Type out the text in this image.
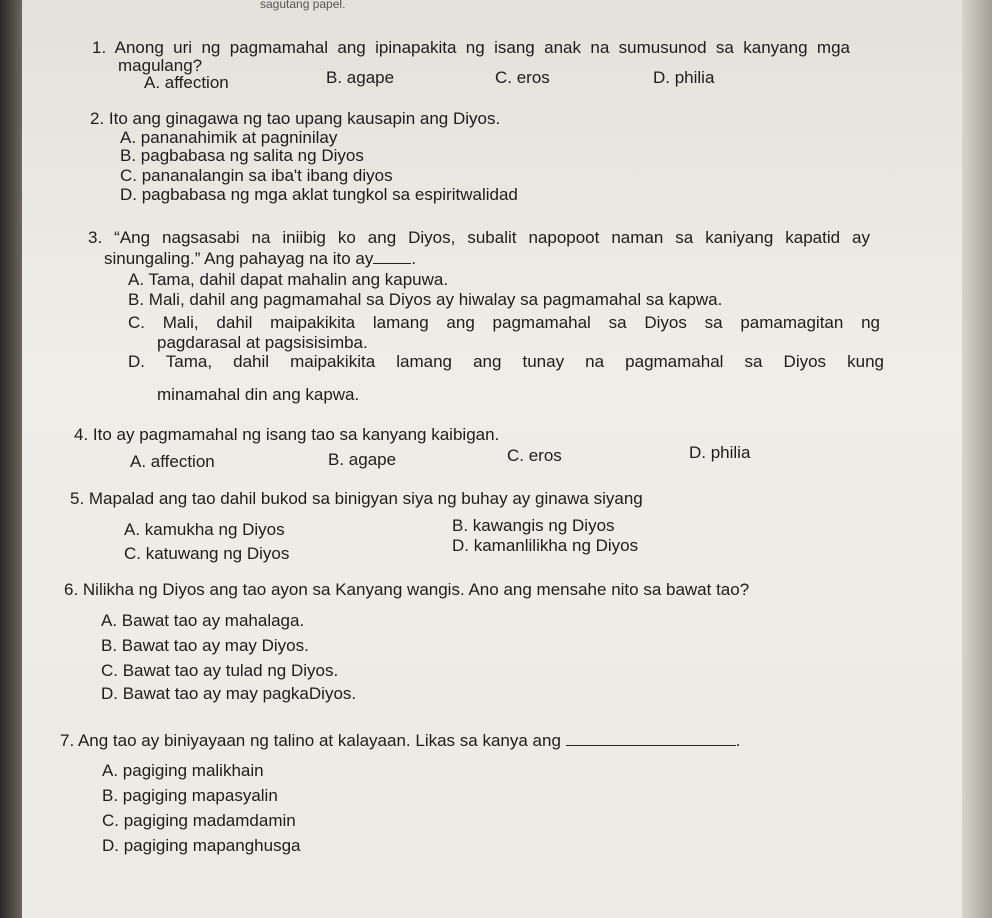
sagutang papel.
1. Anong uri ng pagmamahal ang ipinapakita ng isang anak na sumusunod sa kanyang mga
magulang?
A. affection	B. agape	C. eros	D. philia
2. Ito ang ginagawa ng tao upang kausapin ang Diyos.
A. pananahimik at pagninilay
B. pagbabasa ng salita ng Diyos
C. pananalangin sa iba't ibang diyos
D. pagbabasa ng mga aklat tungkol sa espiritwalidad
3. “Ang nagsasabi na iniibig ko ang Diyos, subalit napopoot naman sa kaniyang kapatid ay
sinungaling.” Ang pahayag na ito ay .
A. Tama, dahil dapat mahalin ang kapuwa.
B. Mali, dahil ang pagmamahal sa Diyos ay hiwalay sa pagmamahal sa kapwa.
C. Mali, dahil maipakikita lamang ang pagmamahal sa Diyos sa pamamagitan ng
pagdarasal at pagsisisimba.
D. Tama, dahil maipakikita lamang ang tunay na pagmamahal sa Diyos kung
minamahal din ang kapwa.
4. Ito ay pagmamahal ng isang tao sa kanyang kaibigan.
A. affection	B. agape	C. eros	D. philia
5. Mapalad ang tao dahil bukod sa binigyan siya ng buhay ay ginawa siyang
A. kamukha ng Diyos	B. kawangis ng Diyos
C. katuwang ng Diyos	D. kamanlilikha ng Diyos
6. Nilikha ng Diyos ang tao ayon sa Kanyang wangis. Ano ang mensahe nito sa bawat tao?
A. Bawat tao ay mahalaga.
B. Bawat tao ay may Diyos.
C. Bawat tao ay tulad ng Diyos.
D. Bawat tao ay may pagkaDiyos.
7. Ang tao ay biniyayaan ng talino at kalayaan. Likas sa kanya ang	.
A. pagiging malikhain
B. pagiging mapasyalin
C. pagiging madamdamin
D. pagiging mapanghusga
